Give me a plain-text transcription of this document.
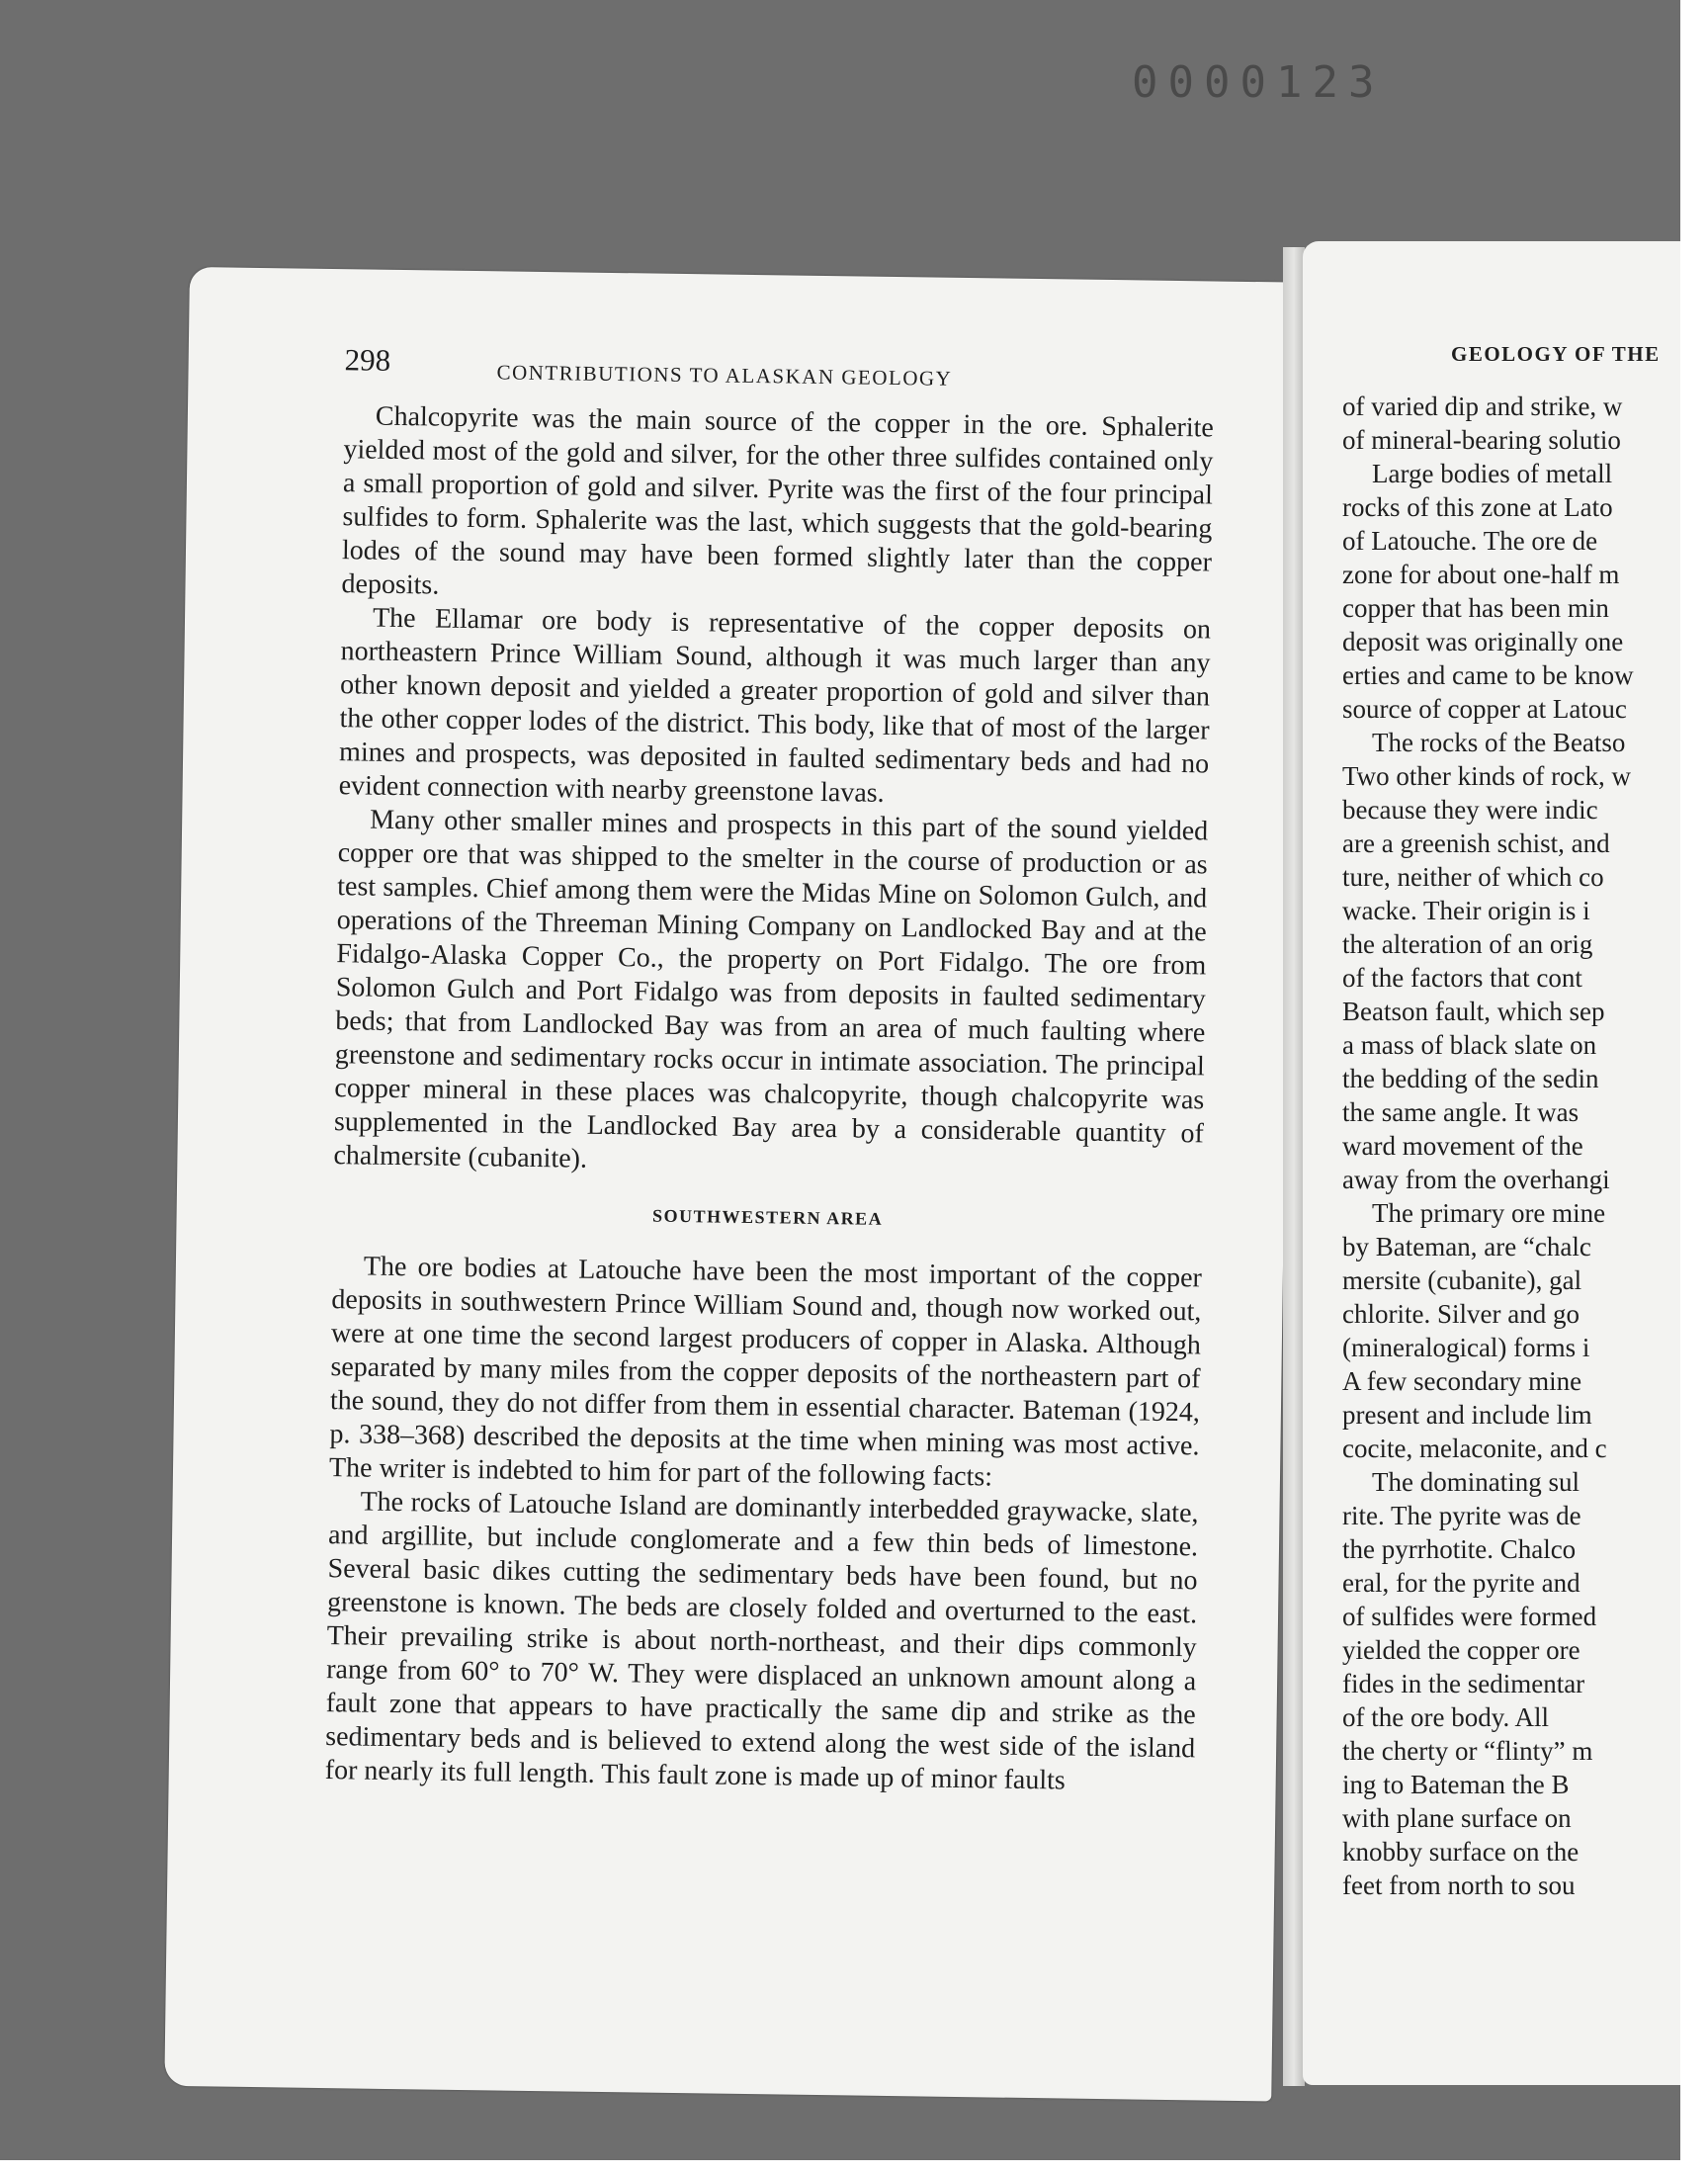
0000123
298	CONTRIBUTIONS TO ALASKAN GEOLOGY

Chalcopyrite was the main source of the copper in the ore. Sphalerite yielded most of the gold and silver, for the other three sulfides contained only a small proportion of gold and silver. Pyrite was the first of the four principal sulfides to form. Sphalerite was the last, which suggests that the gold-bearing lodes of the sound may have been formed slightly later than the copper deposits.

The Ellamar ore body is representative of the copper deposits on northeastern Prince William Sound, although it was much larger than any other known deposit and yielded a greater proportion of gold and silver than the other copper lodes of the district. This body, like that of most of the larger mines and prospects, was deposited in faulted sedimentary beds and had no evident connection with nearby greenstone lavas.

Many other smaller mines and prospects in this part of the sound yielded copper ore that was shipped to the smelter in the course of production or as test samples. Chief among them were the Midas Mine on Solomon Gulch, and operations of the Threeman Mining Company on Landlocked Bay and at the Fidalgo-Alaska Copper Co., the property on Port Fidalgo. The ore from Solomon Gulch and Port Fidalgo was from deposits in faulted sedimentary beds; that from Landlocked Bay was from an area of much faulting where greenstone and sedimentary rocks occur in intimate association. The principal copper mineral in these places was chalcopyrite, though chalcopyrite was supplemented in the Landlocked Bay area by a considerable quantity of chalmersite (cubanite).

SOUTHWESTERN AREA

The ore bodies at Latouche have been the most important of the copper deposits in southwestern Prince William Sound and, though now worked out, were at one time the second largest producers of copper in Alaska. Although separated by many miles from the copper deposits of the northeastern part of the sound, they do not differ from them in essential character. Bateman (1924, p. 338–368) described the deposits at the time when mining was most active. The writer is indebted to him for part of the following facts:

The rocks of Latouche Island are dominantly interbedded graywacke, slate, and argillite, but include conglomerate and a few thin beds of limestone. Several basic dikes cutting the sedimentary beds have been found, but no greenstone is known. The beds are closely folded and overturned to the east. Their prevailing strike is about north-northeast, and their dips commonly range from 60° to 70° W. They were displaced an unknown amount along a fault zone that appears to have practically the same dip and strike as the sedimentary beds and is believed to extend along the west side of the island for nearly its full length. This fault zone is made up of minor faults

GEOLOGY OF THE
of varied dip and strike, w
of mineral-bearing solutio
Large bodies of metall
rocks of this zone at Lato
of Latouche. The ore de
zone for about one-half m
copper that has been min
deposit was originally one
erties and came to be know
source of copper at Latouc
The rocks of the Beatso
Two other kinds of rock, w
because they were indic
are a greenish schist, and
ture, neither of which co
wacke. Their origin is i
the alteration of an orig
of the factors that cont
Beatson fault, which sep
a mass of black slate on
the bedding of the sedin
the same angle. It was
ward movement of the
away from the overhangi
The primary ore mine
by Bateman, are “chalc
mersite (cubanite), gal
chlorite. Silver and go
(mineralogical) forms i
A few secondary mine
present and include lim
cocite, melaconite, and c
The dominating sul
rite. The pyrite was de
the pyrrhotite. Chalco
eral, for the pyrite and
of sulfides were formed
yielded the copper ore
fides in the sedimentar
of the ore body. All
the cherty or “flinty” m
ing to Bateman the B
with plane surface on
knobby surface on the
feet from north to sou
